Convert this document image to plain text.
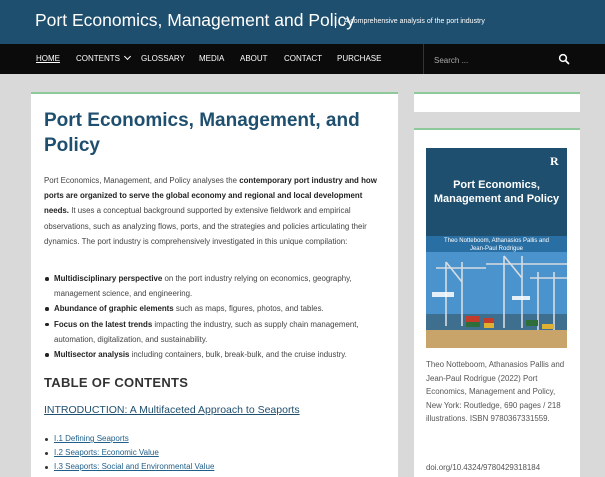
Port Economics, Management and Policy
A comprehensive analysis of the port industry
HOME CONTENTS	GLOSSARY MEDIA ABOUT CONTACT PURCHASE
Search ...
Port Economics, Management, and Policy

Port Economics, Management, and Policy analyses the contemporary port industry and how ports are organized to serve the global economy and regional and local development needs. It uses a conceptual background supported by extensive fieldwork and empirical observations, such as analyzing flows, ports, and the strategies and policies articulating their dynamics. The port industry is comprehensively investigated in this unique compilation:

Multidisciplinary perspective on the port industry relying on economics, geography, management science, and engineering.
Abundance of graphic elements such as maps, figures, photos, and tables.
Focus on the latest trends impacting the industry, such as supply chain management, automation, digitalization, and sustainability.
Multisector analysis including containers, bulk, break-bulk, and the cruise industry.
TABLE OF CONTENTS
INTRODUCTION: A Multifaceted Approach to Seaports
I.1 Defining Seaports
I.2 Seaports: Economic Value
I.3 Seaports: Social and Environmental Value
R
Port Economics,
Management and Policy
Theo Notteboom, Athanasios Pallis and
Jean-Paul Rodrigue

Theo Notteboom, Athanasios Pallis and Jean-Paul Rodrigue (2022) Port Economics, Management and Policy, New York: Routledge, 690 pages / 218 illustrations. ISBN 9780367331559.

doi.org/10.4324/9780429318184
